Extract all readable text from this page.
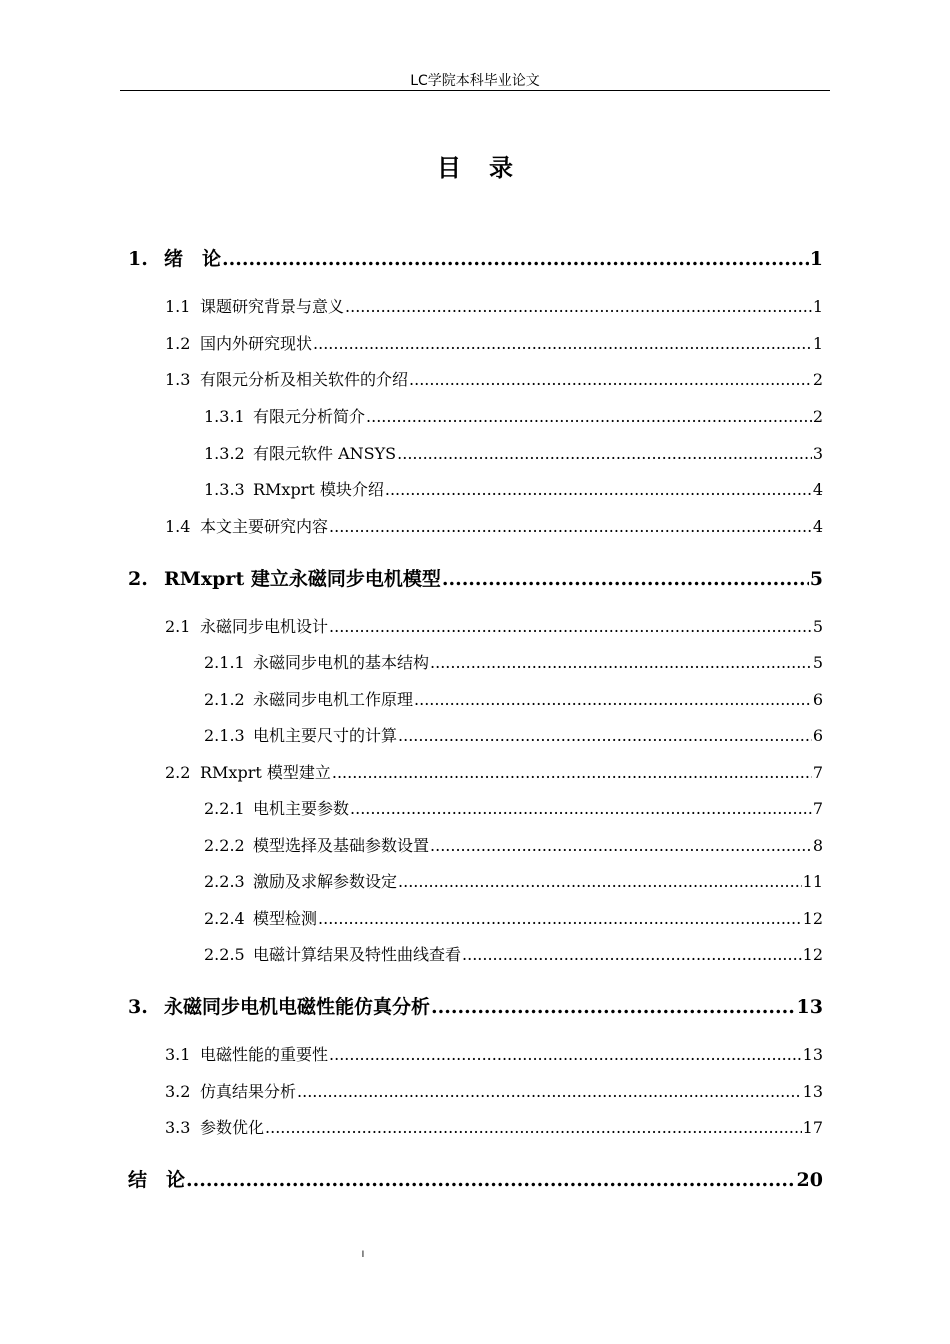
LC学院本科毕业论文
目录
1. 绪　论 .....	1
1.1 课题研究背景与意义 .....	1
1.2 国内外研究现状 .....	1
1.3 有限元分析及相关软件的介绍 .....	2
1.3.1 有限元分析简介 .....	2
1.3.2 有限元软件 ANSYS .....	3
1.3.3 RMxprt 模块介绍 .....	4
1.4 本文主要研究内容 .....	4
2. RMxprt 建立永磁同步电机模型 .....	5
2.1 永磁同步电机设计 .....	5
2.1.1 永磁同步电机的基本结构 .....	5
2.1.2 永磁同步电机工作原理 .....	6
2.1.3 电机主要尺寸的计算 .....	6
2.2 RMxprt 模型建立 .....	7
2.2.1 电机主要参数 .....	7
2.2.2 模型选择及基础参数设置 .....	8
2.2.3 激励及求解参数设定 .....	11
2.2.4 模型检测 .....	12
2.2.5 电磁计算结果及特性曲线查看 .....	12
3. 永磁同步电机电磁性能仿真分析 .....	13
3.1 电磁性能的重要性 .....	13
3.2 仿真结果分析 .....	13
3.3 参数优化 .....	17
结　论 .....	20
I
